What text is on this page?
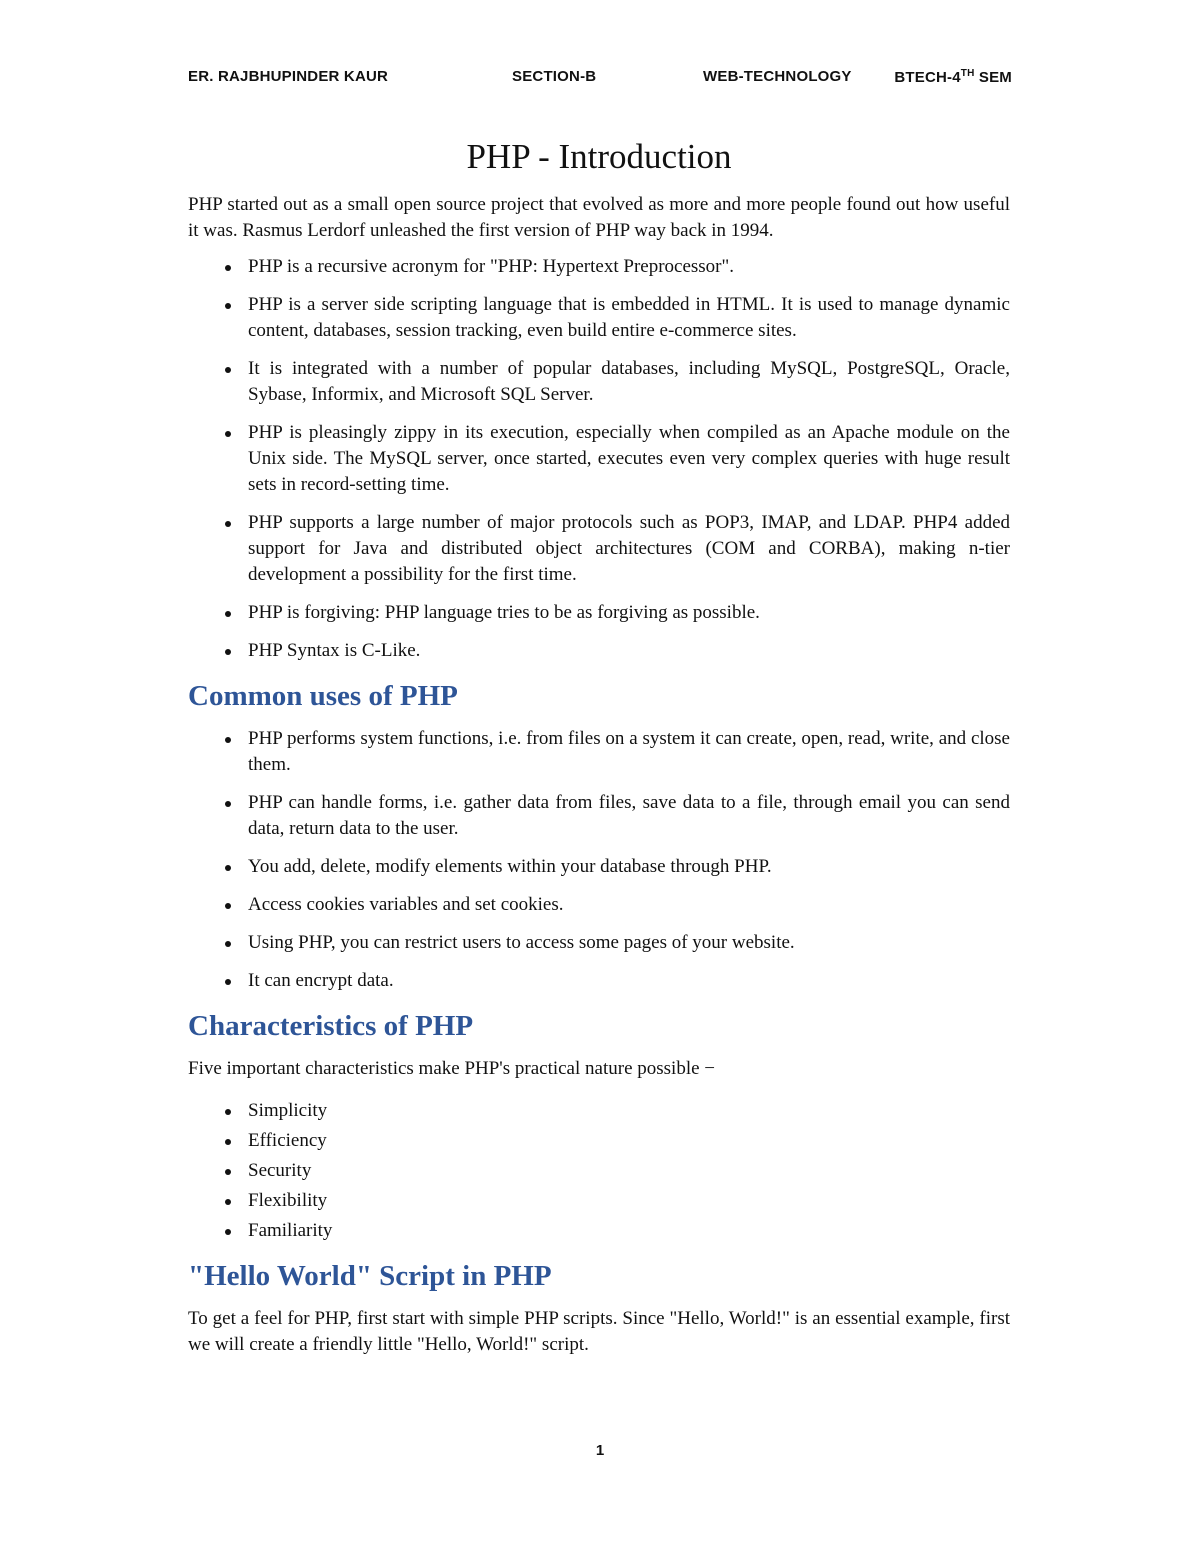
ER. RAJBHUPINDER KAUR	SECTION-B	WEB-TECHNOLOGY	BTECH-4TH SEM
PHP - Introduction

PHP started out as a small open source project that evolved as more and more people found out how useful it was. Rasmus Lerdorf unleashed the first version of PHP way back in 1994.

PHP is a recursive acronym for "PHP: Hypertext Preprocessor".
PHP is a server side scripting language that is embedded in HTML. It is used to manage dynamic content, databases, session tracking, even build entire e-commerce sites.
It is integrated with a number of popular databases, including MySQL, PostgreSQL, Oracle, Sybase, Informix, and Microsoft SQL Server.
PHP is pleasingly zippy in its execution, especially when compiled as an Apache module on the Unix side. The MySQL server, once started, executes even very complex queries with huge result sets in record-setting time.
PHP supports a large number of major protocols such as POP3, IMAP, and LDAP. PHP4 added support for Java and distributed object architectures (COM and CORBA), making n-tier development a possibility for the first time.
PHP is forgiving: PHP language tries to be as forgiving as possible.
PHP Syntax is C-Like.
Common uses of PHP
PHP performs system functions, i.e. from files on a system it can create, open, read, write, and close them.
PHP can handle forms, i.e. gather data from files, save data to a file, through email you can send data, return data to the user.
You add, delete, modify elements within your database through PHP.
Access cookies variables and set cookies.
Using PHP, you can restrict users to access some pages of your website.
It can encrypt data.
Characteristics of PHP

Five important characteristics make PHP's practical nature possible −

Simplicity
Efficiency
Security
Flexibility
Familiarity
"Hello World" Script in PHP

To get a feel for PHP, first start with simple PHP scripts. Since "Hello, World!" is an essential example, first we will create a friendly little "Hello, World!" script.

1
